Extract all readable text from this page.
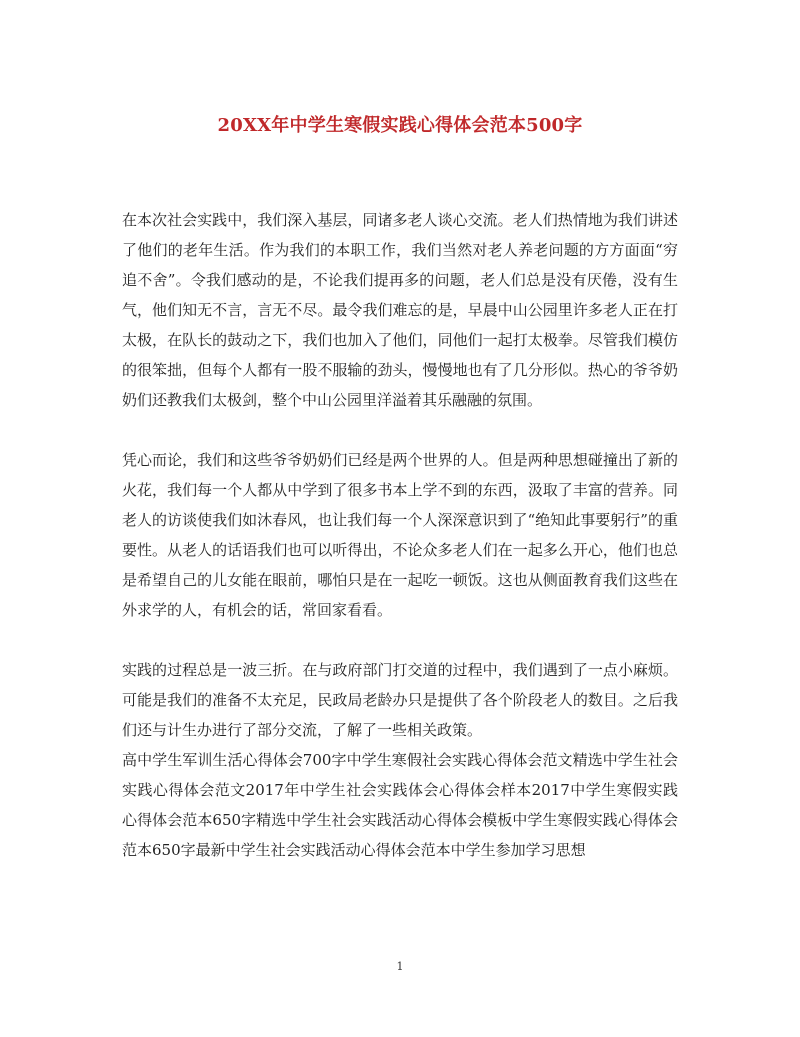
20XX年中学生寒假实践心得体会范本500字

在本次社会实践中，我们深入基层，同诸多老人谈心交流。老人们热情地为我们讲述了他们的老年生活。作为我们的本职工作，我们当然对老人养老问题的方方面面“穷追不舍”。令我们感动的是，不论我们提再多的问题，老人们总是没有厌倦，没有生气，他们知无不言，言无不尽。最令我们难忘的是，早晨中山公园里许多老人正在打太极，在队长的鼓动之下，我们也加入了他们，同他们一起打太极拳。尽管我们模仿的很笨拙，但每个人都有一股不服输的劲头，慢慢地也有了几分形似。热心的爷爷奶奶们还教我们太极剑，整个中山公园里洋溢着其乐融融的氛围。

凭心而论，我们和这些爷爷奶奶们已经是两个世界的人。但是两种思想碰撞出了新的火花，我们每一个人都从中学到了很多书本上学不到的东西，汲取了丰富的营养。同老人的访谈使我们如沐春风，也让我们每一个人深深意识到了“绝知此事要躬行”的重要性。从老人的话语我们也可以听得出，不论众多老人们在一起多么开心，他们也总是希望自己的儿女能在眼前，哪怕只是在一起吃一顿饭。这也从侧面教育我们这些在外求学的人，有机会的话，常回家看看。

实践的过程总是一波三折。在与政府部门打交道的过程中，我们遇到了一点小麻烦。可能是我们的准备不太充足，民政局老龄办只是提供了各个阶段老人的数目。之后我们还与计生办进行了部分交流，了解了一些相关政策。

高中学生军训生活心得体会700字中学生寒假社会实践心得体会范文精选中学生社会实践心得体会范文2017年中学生社会实践体会心得体会样本2017中学生寒假实践心得体会范本650字精选中学生社会实践活动心得体会模板中学生寒假实践心得体会范本650字最新中学生社会实践活动心得体会范本中学生参加学习思想

1
